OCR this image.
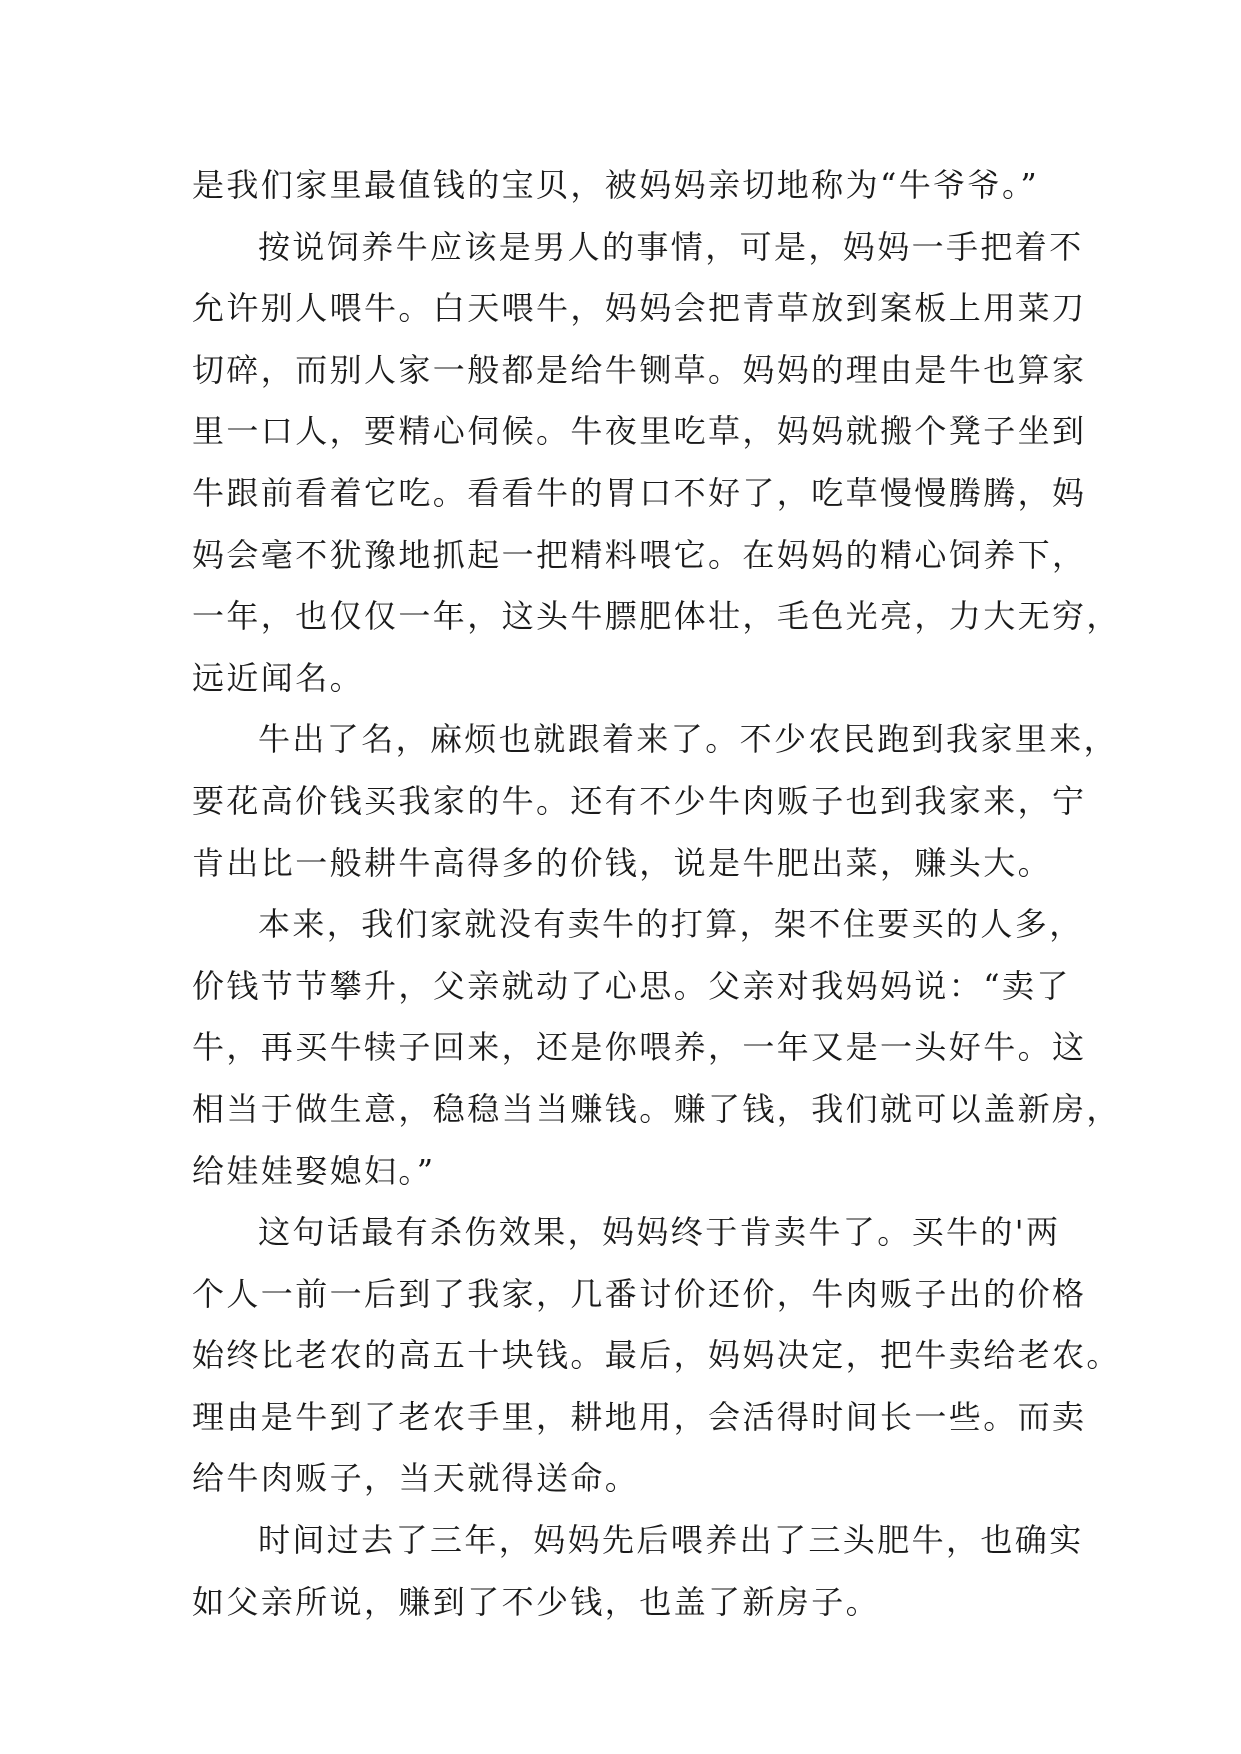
是我们家里最值钱的宝贝，被妈妈亲切地称为“牛爷爷。”
按说饲养牛应该是男人的事情，可是，妈妈一手把着不
允许别人喂牛。白天喂牛，妈妈会把青草放到案板上用菜刀
切碎，而别人家一般都是给牛铡草。妈妈的理由是牛也算家
里一口人，要精心伺候。牛夜里吃草，妈妈就搬个凳子坐到
牛跟前看着它吃。看看牛的胃口不好了，吃草慢慢腾腾，妈
妈会毫不犹豫地抓起一把精料喂它。在妈妈的精心饲养下，
一年，也仅仅一年，这头牛膘肥体壮，毛色光亮，力大无穷，
远近闻名。
牛出了名，麻烦也就跟着来了。不少农民跑到我家里来，
要花高价钱买我家的牛。还有不少牛肉贩子也到我家来，宁
肯出比一般耕牛高得多的价钱，说是牛肥出菜，赚头大。
本来，我们家就没有卖牛的打算，架不住要买的人多，
价钱节节攀升，父亲就动了心思。父亲对我妈妈说：“卖了
牛，再买牛犊子回来，还是你喂养，一年又是一头好牛。这
相当于做生意，稳稳当当赚钱。赚了钱，我们就可以盖新房，
给娃娃娶媳妇。”
这句话最有杀伤效果，妈妈终于肯卖牛了。买牛的'两
个人一前一后到了我家，几番讨价还价，牛肉贩子出的价格
始终比老农的高五十块钱。最后，妈妈决定，把牛卖给老农。
理由是牛到了老农手里，耕地用，会活得时间长一些。而卖
给牛肉贩子，当天就得送命。
时间过去了三年，妈妈先后喂养出了三头肥牛，也确实
如父亲所说，赚到了不少钱，也盖了新房子。
